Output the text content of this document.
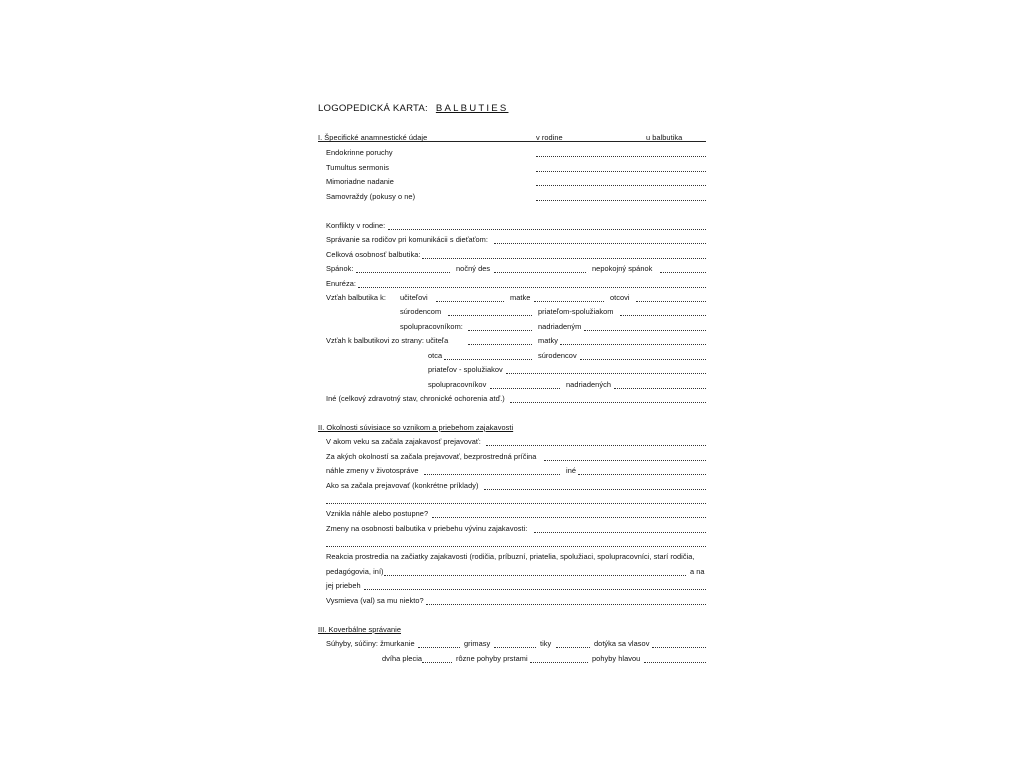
LOGOPEDICKÁ KARTA: BALBUTIES
I. Špecifické anamnestické údaje	v rodine	u balbutika
Endokrinne poruchy
Tumultus sermonis
Mimoriadne nadanie
Samovraždy (pokusy o ne)
Konflikty v rodine:
Správanie sa rodičov pri komunikácii s dieťaťom:
Celková osobnosť balbutika:
Spánok:	nočný des	nepokojný spánok
Enuréza:
Vzťah balbutika k: učiteľovi	matke	otcovi
súrodencom	priateľom-spolužiakom
spolupracovníkom:	nadriadeným
Vzťah k balbutikovi zo strany: učiteľa	matky
otca	súrodencov
priateľov - spolužiakov
spolupracovníkov	nadriadených
Iné (celkový zdravotný stav, chronické ochorenia atď.)
II. Okolnosti súvisiace so vznikom a priebehom zajakavosti
V akom veku sa začala zajakavosť prejavovať:
Za akých okolností sa začala prejavovať, bezprostredná príčina
náhle zmeny v životospráve	iné
Ako sa začala prejavovať (konkrétne príklady)
Vznikla náhle alebo postupne?
Zmeny na osobnosti balbutika v priebehu vývinu zajakavosti:
Reakcia prostredia na začiatky zajakavosti (rodičia, príbuzní, priatelia, spolužiaci, spolupracovníci, starí rodičia,
pedagógovia, iní)	a na
jej priebeh
Vysmieva (val) sa mu niekto?
III. Koverbálne správanie
Súhyby, súčiny: žmurkanie	grimasy	tiky	dotýka sa vlasov
dvíha plecia	rôzne pohyby prstami	pohyby hlavou
